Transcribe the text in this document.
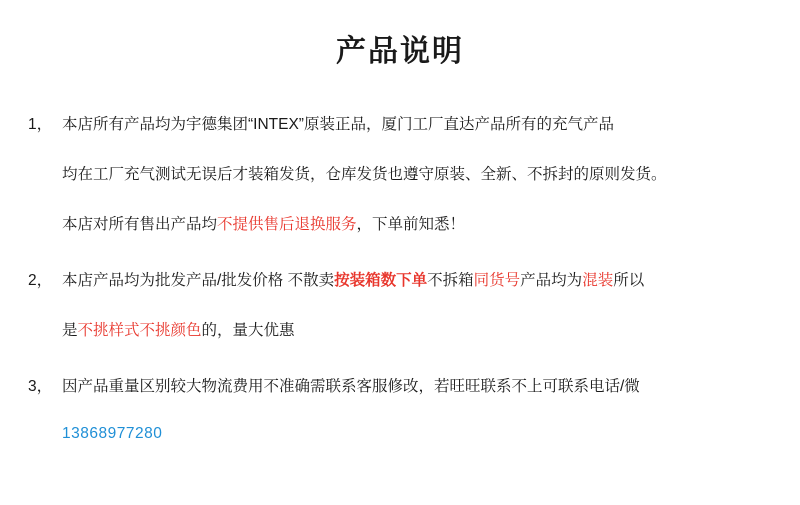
产品说明
1， 本店所有产品均为宇德集团“INTEX”原装正品，厦门工厂直达产品所有的充气产品
均在工厂充气测试无误后才装箱发货，仓库发货也遵守原装、全新、不拆封的原则发货。
本店对所有售出产品均 不提供售后退换服务 ，下单前知悉！
2， 本店产品均为批发产品/批发价格 不散卖 按装箱数下单 不拆箱 同货号 产品均为 混装 所以
是 不挑样式不挑颜色 的，量大优惠
3， 因产品重量区别较大物流费用不准确需联系客服修改，若旺旺联系不上可联系电话/微
13868977280
